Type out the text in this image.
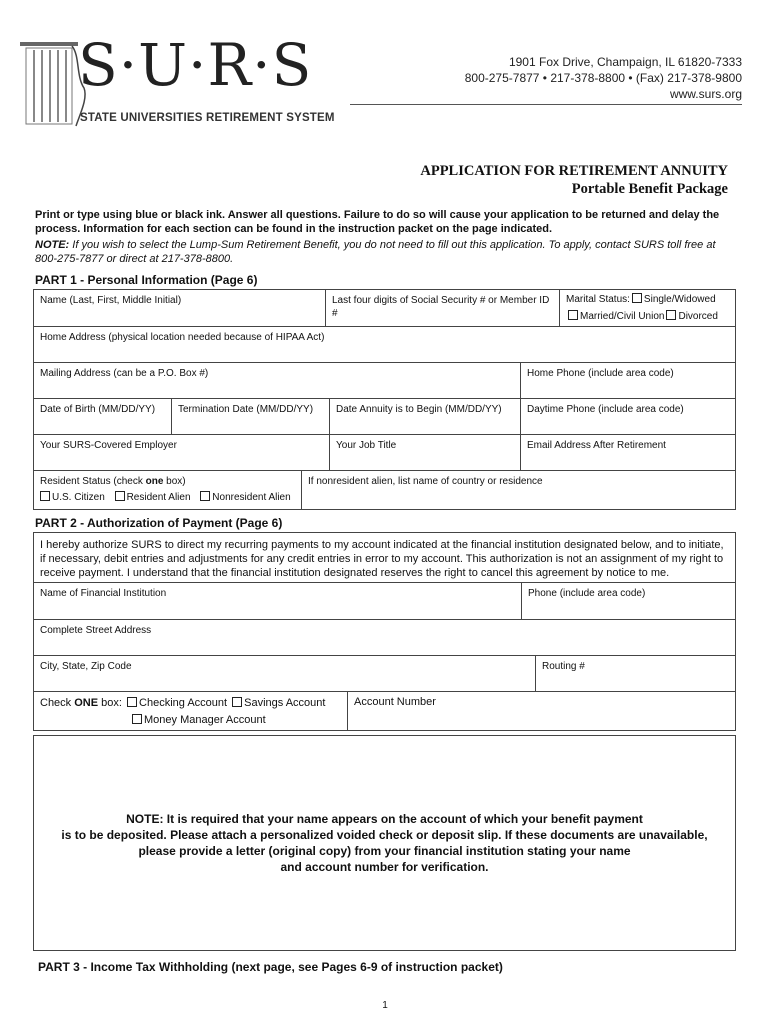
S·U·R·S
STATE UNIVERSITIES RETIREMENT SYSTEM
1901 Fox Drive, Champaign, IL 61820-7333
800-275-7877 • 217-378-8800 • (Fax) 217-378-9800
www.surs.org
APPLICATION FOR RETIREMENT ANNUITY
Portable Benefit Package
Print or type using blue or black ink. Answer all questions. Failure to do so will cause your application to be returned and delay the process. Information for each section can be found in the instruction packet on the page indicated.
NOTE: If you wish to select the Lump-Sum Retirement Benefit, you do not need to fill out this application. To apply, contact SURS toll free at 800-275-7877 or direct at 217-378-8800.
PART 1 - Personal Information (Page 6)
Name (Last, First, Middle Initial)	Last four digits of Social Security # or Member ID #
Marital Status: Single/Widowed
Married/Civil Union Divorced
Home Address (physical location needed because of HIPAA Act)
Mailing Address (can be a P.O. Box #)	Home Phone (include area code)
Date of Birth (MM/DD/YY)	Termination Date (MM/DD/YY)	Date Annuity is to Begin (MM/DD/YY)	Daytime Phone (include area code)
Your SURS-Covered Employer	Your Job Title	Email Address After Retirement
Resident Status (check one box)
U.S. Citizen Resident Alien Nonresident Alien
If nonresident alien, list name of country or residence
PART 2 - Authorization of Payment (Page 6)
I hereby authorize SURS to direct my recurring payments to my account indicated at the financial institution designated below, and to initiate, if necessary, debit entries and adjustments for any credit entries in error to my account. This authorization is not an assignment of my right to receive payment. I understand that the financial institution designated reserves the right to cancel this agreement by notice to me.
Name of Financial Institution	Phone (include area code)
Complete Street Address
City, State, Zip Code	Routing #
Check ONE box: Checking Account Savings Account
Money Manager Account
Account Number
NOTE: It is required that your name appears on the account of which your benefit payment
is to be deposited. Please attach a personalized voided check or deposit slip. If these documents are unavailable,
please provide a letter (original copy) from your financial institution stating your name
and account number for verification.
PART 3 - Income Tax Withholding (next page, see Pages 6-9 of instruction packet)
1
